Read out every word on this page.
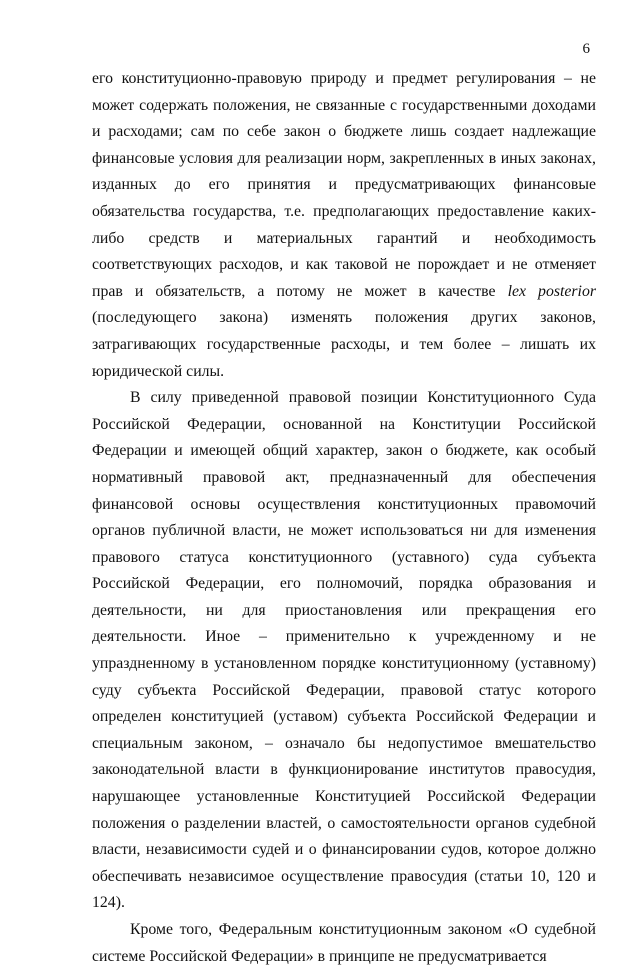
6

его конституционно-правовую природу и предмет регулирования – не может содержать положения, не связанные с государственными доходами и расходами; сам по себе закон о бюджете лишь создает надлежащие финансовые условия для реализации норм, закрепленных в иных законах, изданных до его принятия и предусматривающих финансовые обязательства государства, т.е. предполагающих предоставление каких-либо средств и материальных гарантий и необходимость соответствующих расходов, и как таковой не порождает и не отменяет прав и обязательств, а потому не может в качестве lex posterior (последующего закона) изменять положения других законов, затрагивающих государственные расходы, и тем более – лишать их юридической силы.

В силу приведенной правовой позиции Конституционного Суда Российской Федерации, основанной на Конституции Российской Федерации и имеющей общий характер, закон о бюджете, как особый нормативный правовой акт, предназначенный для обеспечения финансовой основы осуществления конституционных правомочий органов публичной власти, не может использоваться ни для изменения правового статуса конституционного (уставного) суда субъекта Российской Федерации, его полномочий, порядка образования и деятельности, ни для приостановления или прекращения его деятельности. Иное – применительно к учрежденному и не упраздненному в установленном порядке конституционному (уставному) суду субъекта Российской Федерации, правовой статус которого определен конституцией (уставом) субъекта Российской Федерации и специальным законом, – означало бы недопустимое вмешательство законодательной власти в функционирование институтов правосудия, нарушающее установленные Конституцией Российской Федерации положения о разделении властей, о самостоятельности органов судебной власти, независимости судей и о финансировании судов, которое должно обеспечивать независимое осуществление правосудия (статьи 10, 120 и 124).

Кроме того, Федеральным конституционным законом «О судебной системе Российской Федерации» в принципе не предусматривается
